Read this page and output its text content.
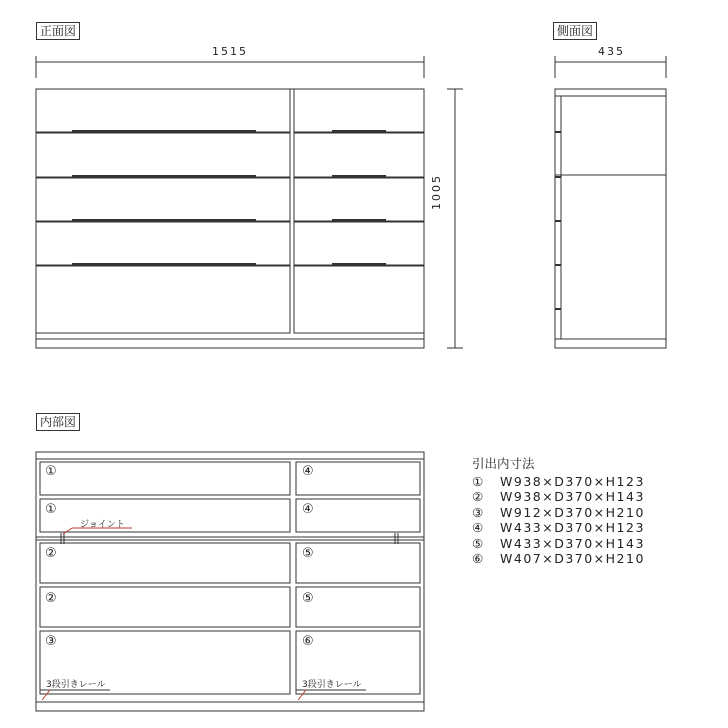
正面図	側面図
内部図
1515	435
1005
①
①
②
②
③
④
④
⑤
⑤
⑥
ジョイント
3段引きレール	3段引きレール
引出内寸法
①	W938×D370×H123
②	W938×D370×H143
③	W912×D370×H210
④	W433×D370×H123
⑤	W433×D370×H143
⑥	W407×D370×H210
